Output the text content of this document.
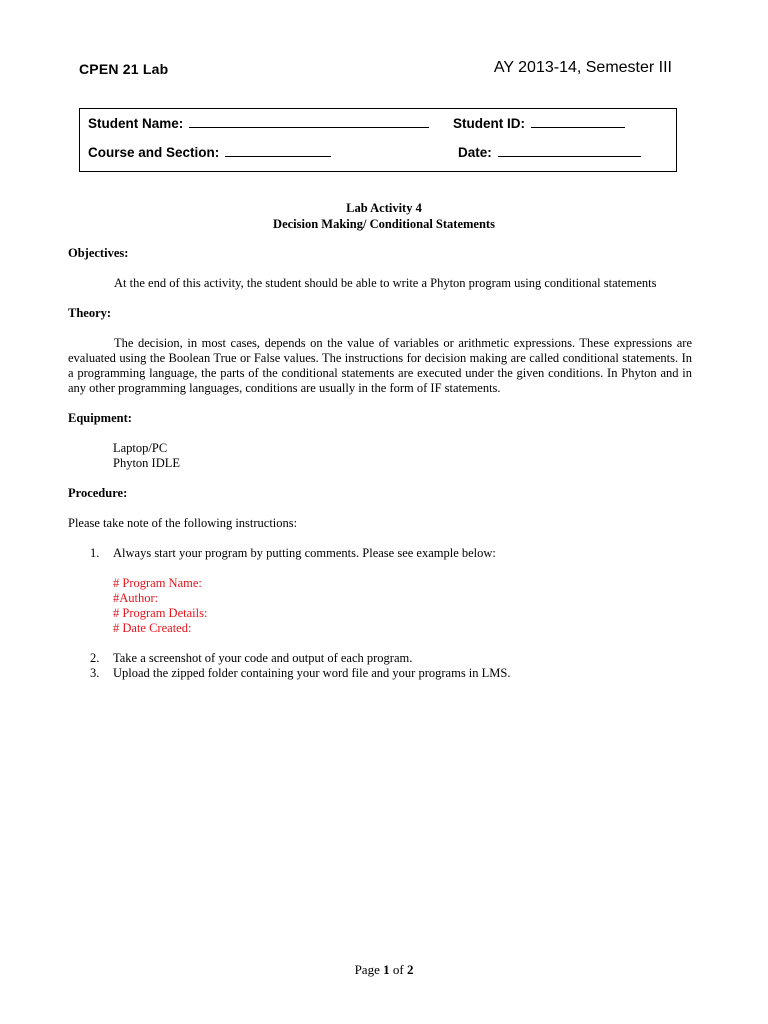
CPEN 21 Lab	AY 2013-14, Semester III
Student Name:	Student ID:
Course and Section:	Date:
Lab Activity 4
Decision Making/ Conditional Statements

Objectives:

At the end of this activity, the student should be able to write a Phyton program using conditional statements

Theory:

The decision, in most cases, depends on the value of variables or arithmetic expressions. These expressions are evaluated using the Boolean True or False values. The instructions for decision making are called conditional statements. In a programming language, the parts of the conditional statements are executed under the given conditions. In Phyton and in any other programming languages, conditions are usually in the form of IF statements.

Equipment:

Laptop/PC
Phyton IDLE

Procedure:

Please take note of the following instructions:

1. Always start your program by putting comments. Please see example below:
# Program Name:
#Author:
# Program Details:
# Date Created:
2. Take a screenshot of your code and output of each program.
3. Upload the zipped folder containing your word file and your programs in LMS.
Page 1 of 2
